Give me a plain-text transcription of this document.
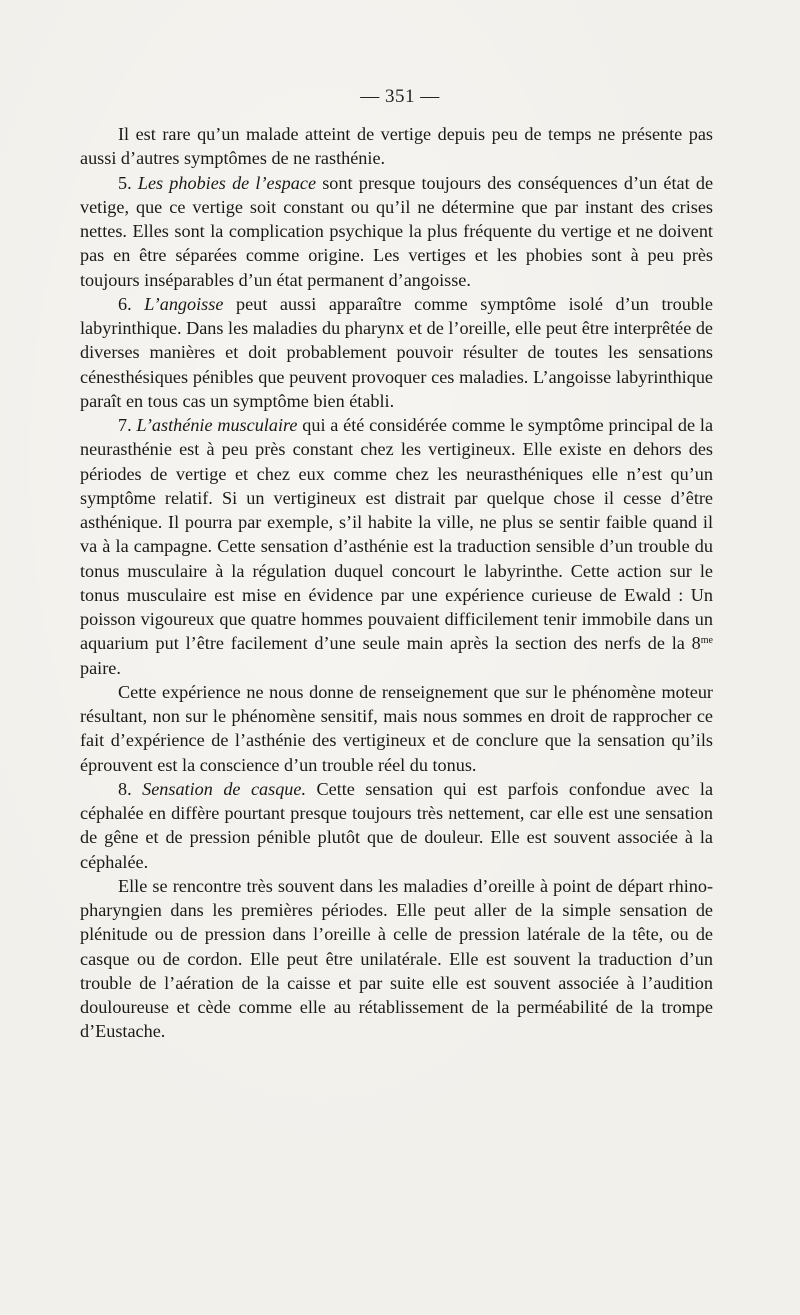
— 351 —

Il est rare qu’un malade atteint de vertige depuis peu de temps ne présente pas aussi d’autres symptômes de ne rasthénie.

5. Les phobies de l’espace sont presque toujours des conséquences d’un état de vetige, que ce vertige soit constant ou qu’il ne détermine que par instant des crises nettes. Elles sont la complication psychique la plus fréquente du vertige et ne doivent pas en être séparées comme origine. Les vertiges et les phobies sont à peu près toujours inséparables d’un état permanent d’angoisse.

6. L’angoisse peut aussi apparaître comme symptôme isolé d’un trouble labyrinthique. Dans les maladies du pharynx et de l’oreille, elle peut être interprêtée de diverses manières et doit probablement pouvoir résulter de toutes les sensations cénesthésiques pénibles que peuvent provoquer ces maladies. L’angoisse labyrinthique paraît en tous cas un symptôme bien établi.

7. L’asthénie musculaire qui a été considérée comme le symptôme principal de la neurasthénie est à peu près constant chez les vertigineux. Elle existe en dehors des périodes de vertige et chez eux comme chez les neurasthéniques elle n’est qu’un symptôme relatif. Si un vertigineux est distrait par quelque chose il cesse d’être asthénique. Il pourra par exemple, s’il habite la ville, ne plus se sentir faible quand il va à la campagne. Cette sensation d’asthénie est la traduction sensible d’un trouble du tonus musculaire à la régulation duquel concourt le labyrinthe. Cette action sur le tonus musculaire est mise en évidence par une expérience curieuse de Ewald : Un poisson vigoureux que quatre hommes pouvaient difficilement tenir immobile dans un aquarium put l’être facilement d’une seule main après la section des nerfs de la $8^{me}$ paire.

Cette expérience ne nous donne de renseignement que sur le phénomène moteur résultant, non sur le phénomène sensitif, mais nous sommes en droit de rapprocher ce fait d’expérience de l’asthénie des vertigineux et de conclure que la sensation qu’ils éprouvent est la conscience d’un trouble réel du tonus.

8. Sensation de casque. Cette sensation qui est parfois confondue avec la céphalée en diffère pourtant presque toujours très nettement, car elle est une sensation de gêne et de pression pénible plutôt que de douleur. Elle est souvent associée à la céphalée.

Elle se rencontre très souvent dans les maladies d’oreille à point de départ rhino-pharyngien dans les premières périodes. Elle peut aller de la simple sensation de plénitude ou de pression dans l’oreille à celle de pression latérale de la tête, ou de casque ou de cordon. Elle peut être unilatérale. Elle est souvent la traduction d’un trouble de l’aération de la caisse et par suite elle est souvent associée à l’audition douloureuse et cède comme elle au rétablissement de la perméabilité de la trompe d’Eustache.
